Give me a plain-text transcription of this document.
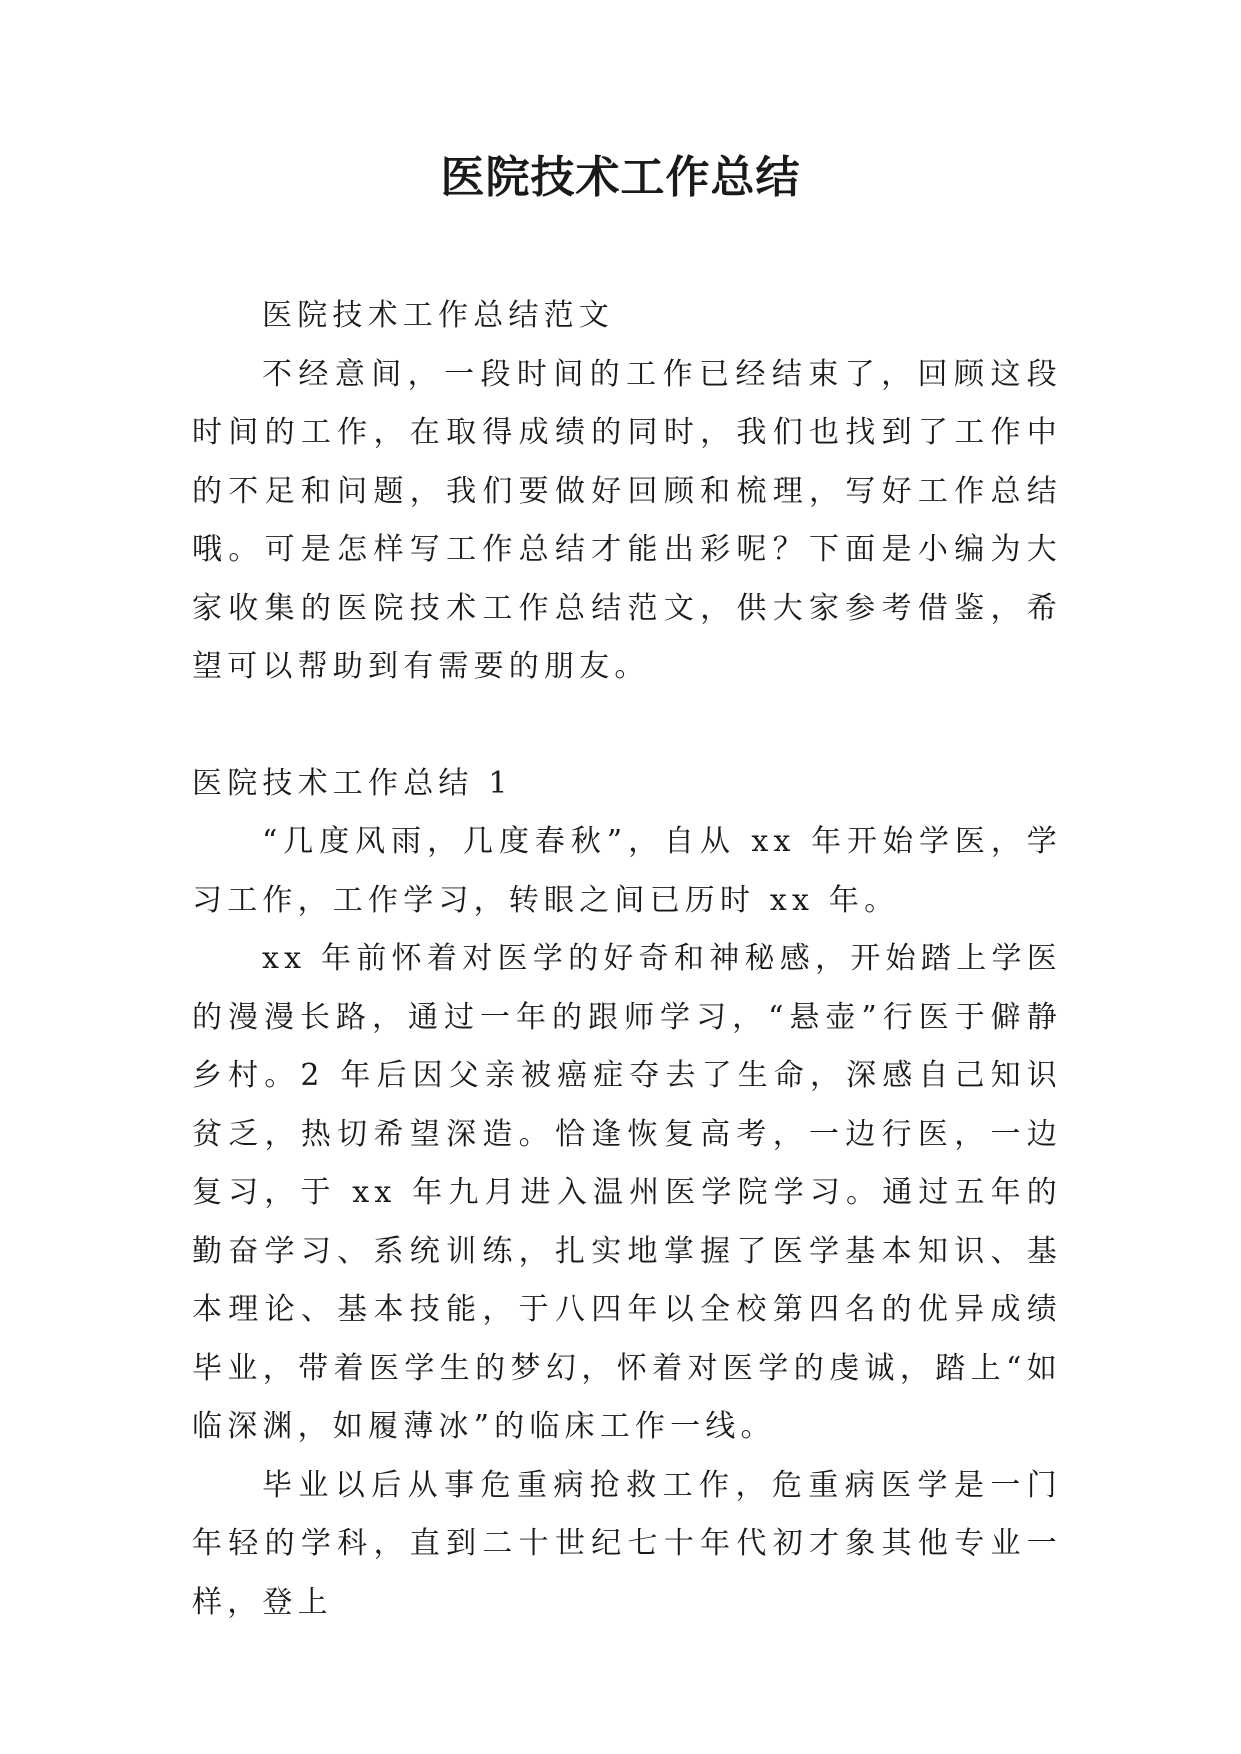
医院技术工作总结

医院技术工作总结范文

不经意间，一段时间的工作已经结束了，回顾这段时间的工作，在取得成绩的同时，我们也找到了工作中的不足和问题，我们要做好回顾和梳理，写好工作总结哦。可是怎样写工作总结才能出彩呢？下面是小编为大家收集的医院技术工作总结范文，供大家参考借鉴，希望可以帮助到有需要的朋友。

医院技术工作总结 1

“几度风雨，几度春秋”，自从 xx 年开始学医，学习工作，工作学习，转眼之间已历时 xx 年。

xx 年前怀着对医学的好奇和神秘感，开始踏上学医的漫漫长路，通过一年的跟师学习，“悬壶”行医于僻静乡村。2 年后因父亲被癌症夺去了生命，深感自己知识贫乏，热切希望深造。恰逢恢复高考，一边行医，一边复习，于 xx 年九月进入温州医学院学习。通过五年的勤奋学习、系统训练，扎实地掌握了医学基本知识、基本理论、基本技能，于八四年以全校第四名的优异成绩毕业，带着医学生的梦幻，怀着对医学的虔诚，踏上“如临深渊，如履薄冰”的临床工作一线。

毕业以后从事危重病抢救工作，危重病医学是一门年轻的学科，直到二十世纪七十年代初才象其他专业一样，登上
